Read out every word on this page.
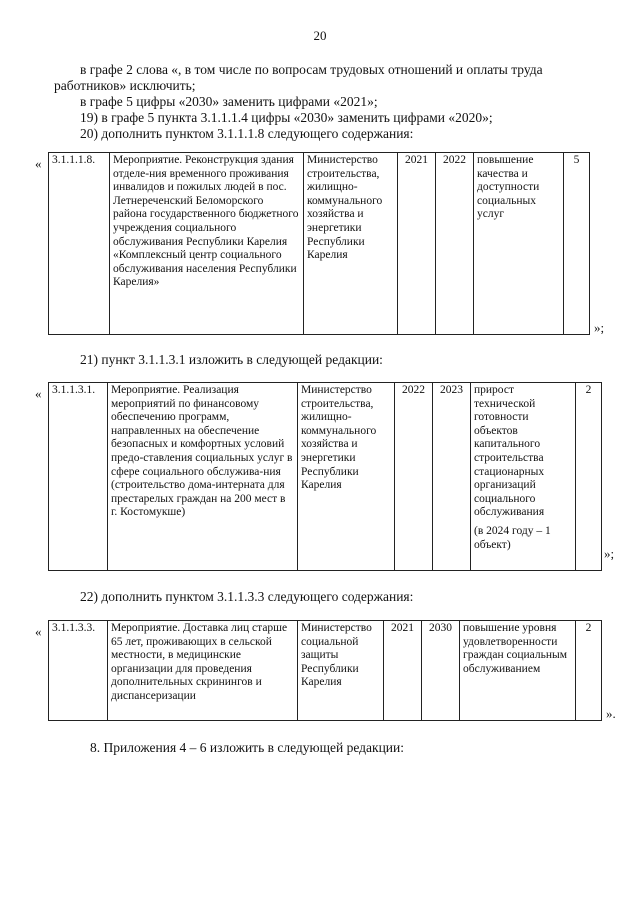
20
в графе 2 слова «, в том числе по вопросам трудовых отношений и оплаты труда
работников» исключить;
в графе 5 цифры «2030» заменить цифрами «2021»;
19) в графе 5 пункта 3.1.1.1.4 цифры «2030» заменить цифрами «2020»;
20) дополнить пунктом 3.1.1.1.8 следующего содержания:
« 3.1.1.1.8.	Мероприятие. Реконструкция здания отделе-ния временного проживания инвалидов и пожилых людей в пос. Летнереченский Беломорского района государственного бюджетного учреждения социального обслуживания Республики Карелия «Комплексный центр социального обслуживания населения Республики Карелия»	Министерство строительства, жилищно-коммунального хозяйства и энергетики Республики Карелия	2021	2022	повышение качества и доступности социальных услуг	5
»;
21) пункт 3.1.1.3.1 изложить в следующей редакции:
« 3.1.1.3.1.	Мероприятие. Реализация мероприятий по финансовому обеспечению программ, направленных на обеспечение безопасных и комфортных условий предо-ставления социальных услуг в сфере социального обслужива-ния (строительство дома-интерната для престарелых граждан на 200 мест в г. Костомукше)	Министерство строительства, жилищно-коммунального хозяйства и энергетики Республики Карелия	2022	2023	прирост технической готовности объектов капитального строительства стационарных организаций социального обслуживания
(в 2024 году – 1 объект)
	2
»;
22) дополнить пунктом 3.1.1.3.3 следующего содержания:
« 3.1.1.3.3.	Мероприятие. Доставка лиц старше 65 лет, проживающих в сельской местности, в медицинские организации для проведения дополнительных скринингов и диспансеризации	Министерство социальной защиты Республики Карелия	2021	2030	повышение уровня удовлетворенности граждан социальным обслуживанием	2
».
8. Приложения 4 – 6 изложить в следующей редакции:
